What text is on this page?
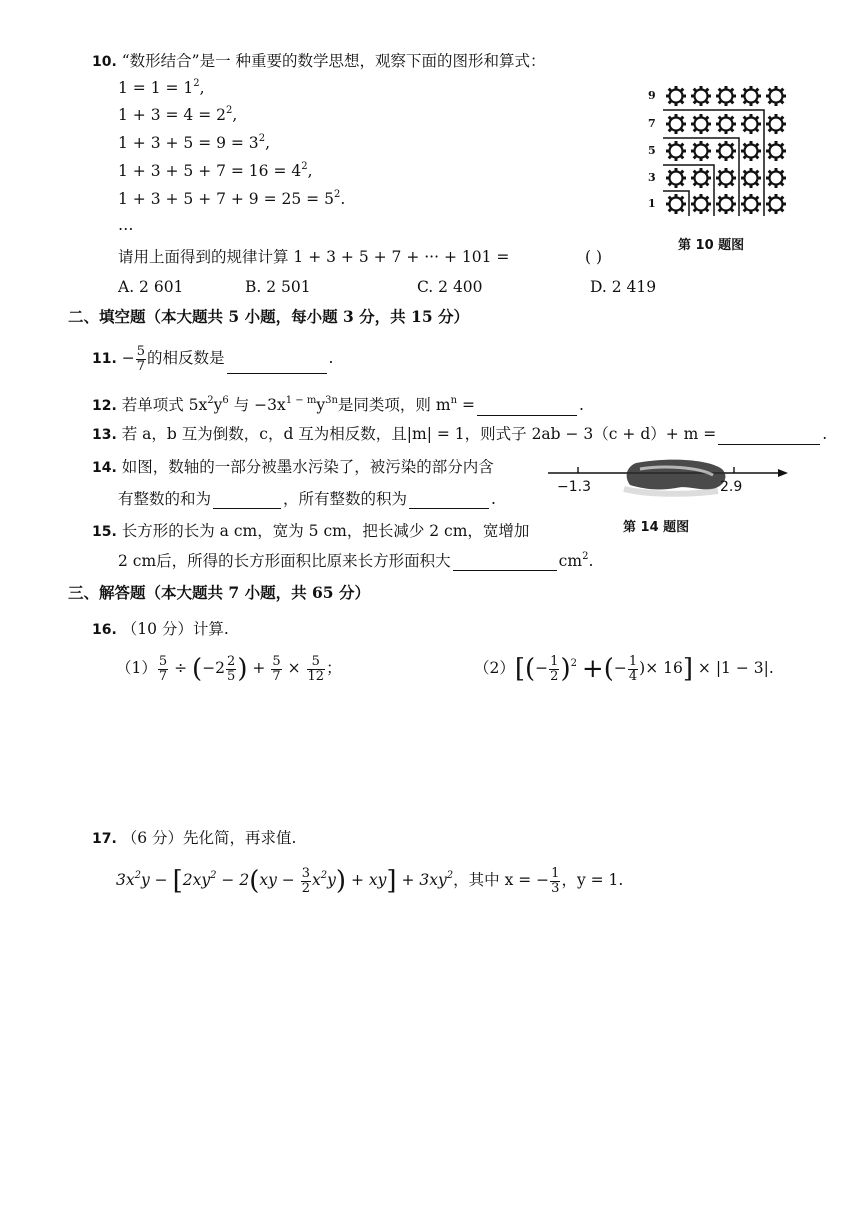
10. “数形结合”是一 种重要的数学思想，观察下面的图形和算式：
$1 = 1 = 1^2$,
$1 + 3 = 4 = 2^2$,
$1 + 3 + 5 = 9 = 3^2$,
$1 + 3 + 5 + 7 = 16 = 4^2$,
$1 + 3 + 5 + 7 + 9 = 25 = 5^2$.
…
请用上面得到的规律计算 1 + 3 + 5 + 7 + ··· + 101 =	( )
A. 2 601	B. 2 501	C. 2 400	D. 2 419
9
7
5
3
1
第 10 题图
二、填空题（本大题共 5 小题，每小题 3 分，共 15 分）
11. − $\frac{5}{7}$ 的相反数是	.
12. 若单项式 $5x^2y^6$ 与 $-3x^{1 - m}y^{3n}$是同类项，则 $m^n$ =	.
13. 若 a，b 互为倒数，c，d 互为相反数，且|m| = 1，则式子 2ab − 3（c + d）+ m =	.
14. 如图，数轴的一部分被墨水污染了，被污染的部分内含
有整数的和为	，所有整数的积为	.
−1.3	2.9
第 14 题图
15. 长方形的长为 a cm，宽为 5 cm，把长减少 2 cm，宽增加
2 cm后，所得的长方形面积比原来长方形面积大	$cm^2$.
三、解答题（本大题共 7 小题，共 65 分）
16. （10 分）计算.
$(1) \frac{5}{7} \div (-2 \frac{2}{5}$ ) + $\frac{5}{7} \times \frac{5}{12}$ ；	$(2)[(- \frac{1}{2} )^2$ +(− $\frac{1}{4}$ )× 16] × |1 − 3|.
17. （6 分）先化简，再求值.
$3x^2y - [2xy^2 - 2(xy - \frac{3}{2} x^2y) + xy] + 3xy^2$，其中 x = − $\frac{1}{3}$ ，y = 1.
